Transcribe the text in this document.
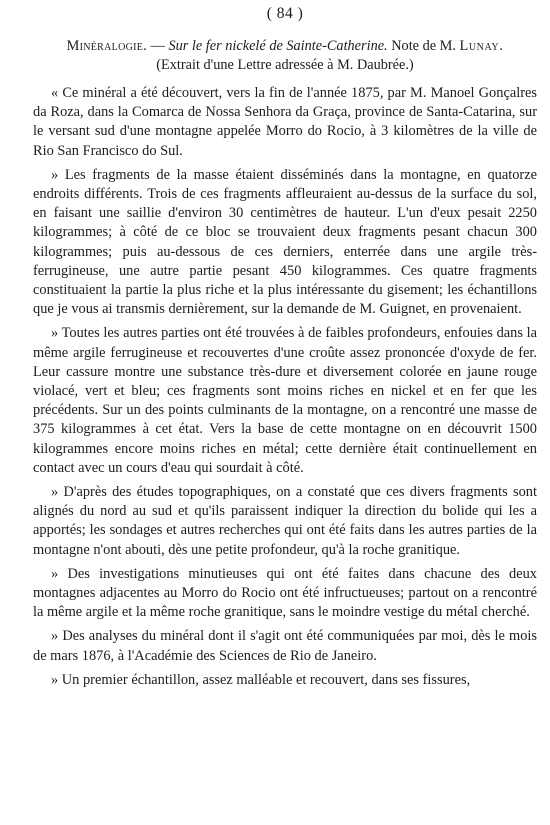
( 84 )
Minéralogie. — Sur le fer nickelé de Sainte-Catherine. Note de M. Lunay.
(Extrait d'une Lettre adressée à M. Daubrée.)

« Ce minéral a été découvert, vers la fin de l'année 1875, par M. Manoel Gonçalres da Roza, dans la Comarca de Nossa Senhora da Graça, province de Santa-Catarina, sur le versant sud d'une montagne appelée Morro do Rocio, à 3 kilomètres de la ville de Rio San Francisco do Sul.

» Les fragments de la masse étaient disséminés dans la montagne, en quatorze endroits différents. Trois de ces fragments affleuraient au-dessus de la surface du sol, en faisant une saillie d'environ 30 centimètres de hauteur. L'un d'eux pesait 2250 kilogrammes; à côté de ce bloc se trouvaient deux fragments pesant chacun 300 kilogrammes; puis au-dessous de ces derniers, enterrée dans une argile très-ferrugineuse, une autre partie pesant 450 kilogrammes. Ces quatre fragments constituaient la partie la plus riche et la plus intéressante du gisement; les échantillons que je vous ai transmis dernièrement, sur la demande de M. Guignet, en provenaient.

» Toutes les autres parties ont été trouvées à de faibles profondeurs, enfouies dans la même argile ferrugineuse et recouvertes d'une croûte assez prononcée d'oxyde de fer. Leur cassure montre une substance très-dure et diversement colorée en jaune rouge violacé, vert et bleu; ces fragments sont moins riches en nickel et en fer que les précédents. Sur un des points culminants de la montagne, on a rencontré une masse de 375 kilogrammes à cet état. Vers la base de cette montagne on en découvrit 1500 kilogrammes encore moins riches en métal; cette dernière était continuellement en contact avec un cours d'eau qui sourdait à côté.

» D'après des études topographiques, on a constaté que ces divers fragments sont alignés du nord au sud et qu'ils paraissent indiquer la direction du bolide qui les a apportés; les sondages et autres recherches qui ont été faits dans les autres parties de la montagne n'ont abouti, dès une petite profondeur, qu'à la roche granitique.

» Des investigations minutieuses qui ont été faites dans chacune des deux montagnes adjacentes au Morro do Rocio ont été infructueuses; partout on a rencontré la même argile et la même roche granitique, sans le moindre vestige du métal cherché.

» Des analyses du minéral dont il s'agit ont été communiquées par moi, dès le mois de mars 1876, à l'Académie des Sciences de Rio de Janeiro.

» Un premier échantillon, assez malléable et recouvert, dans ses fissures,
